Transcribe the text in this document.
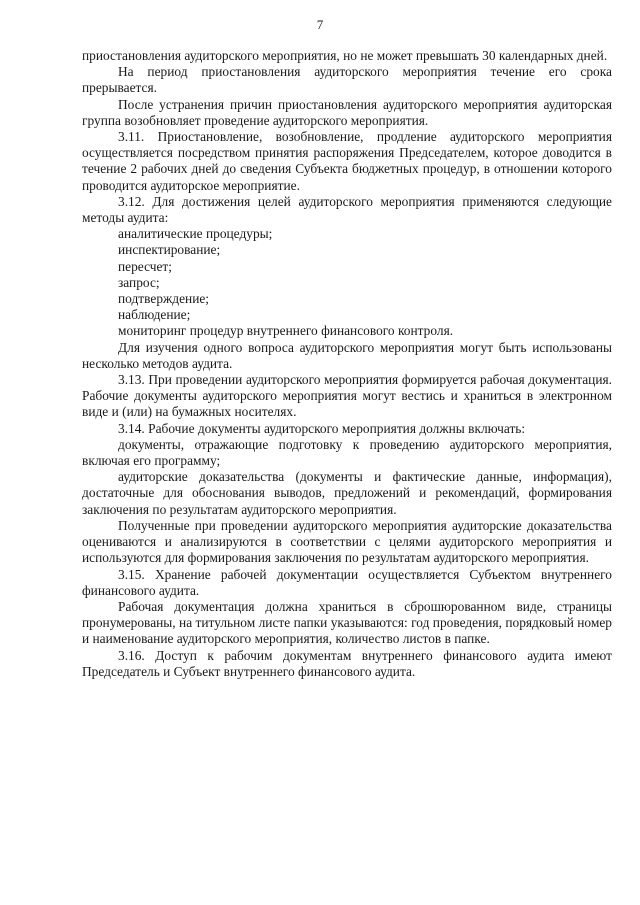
7

приостановления аудиторского мероприятия, но не может превышать 30 календарных дней.

На период приостановления аудиторского мероприятия течение его срока прерывается.

После устранения причин приостановления аудиторского мероприятия аудиторская группа возобновляет проведение аудиторского мероприятия.

3.11. Приостановление, возобновление, продление аудиторского мероприятия осуществляется посредством принятия распоряжения Председателем, которое доводится в течение 2 рабочих дней до сведения Субъекта бюджетных процедур, в отношении которого проводится аудиторское мероприятие.

3.12. Для достижения целей аудиторского мероприятия применяются следующие методы аудита:

аналитические процедуры;

инспектирование;

пересчет;

запрос;

подтверждение;

наблюдение;

мониторинг процедур внутреннего финансового контроля.

Для изучения одного вопроса аудиторского мероприятия могут быть использованы несколько методов аудита.

3.13. При проведении аудиторского мероприятия формируется рабочая документация. Рабочие документы аудиторского мероприятия могут вестись и храниться в электронном виде и (или) на бумажных носителях.

3.14. Рабочие документы аудиторского мероприятия должны включать:

документы, отражающие подготовку к проведению аудиторского мероприятия, включая его программу;

аудиторские доказательства (документы и фактические данные, информация), достаточные для обоснования выводов, предложений и рекомендаций, формирования заключения по результатам аудиторского мероприятия.

Полученные при проведении аудиторского мероприятия аудиторские доказательства оцениваются и анализируются в соответствии с целями аудиторского мероприятия и используются для формирования заключения по результатам аудиторского мероприятия.

3.15. Хранение рабочей документации осуществляется Субъектом внутреннего финансового аудита.

Рабочая документация должна храниться в сброшюрованном виде, страницы пронумерованы, на титульном листе папки указываются: год проведения, порядковый номер и наименование аудиторского мероприятия, количество листов в папке.

3.16. Доступ к рабочим документам внутреннего финансового аудита имеют Председатель и Субъект внутреннего финансового аудита.
